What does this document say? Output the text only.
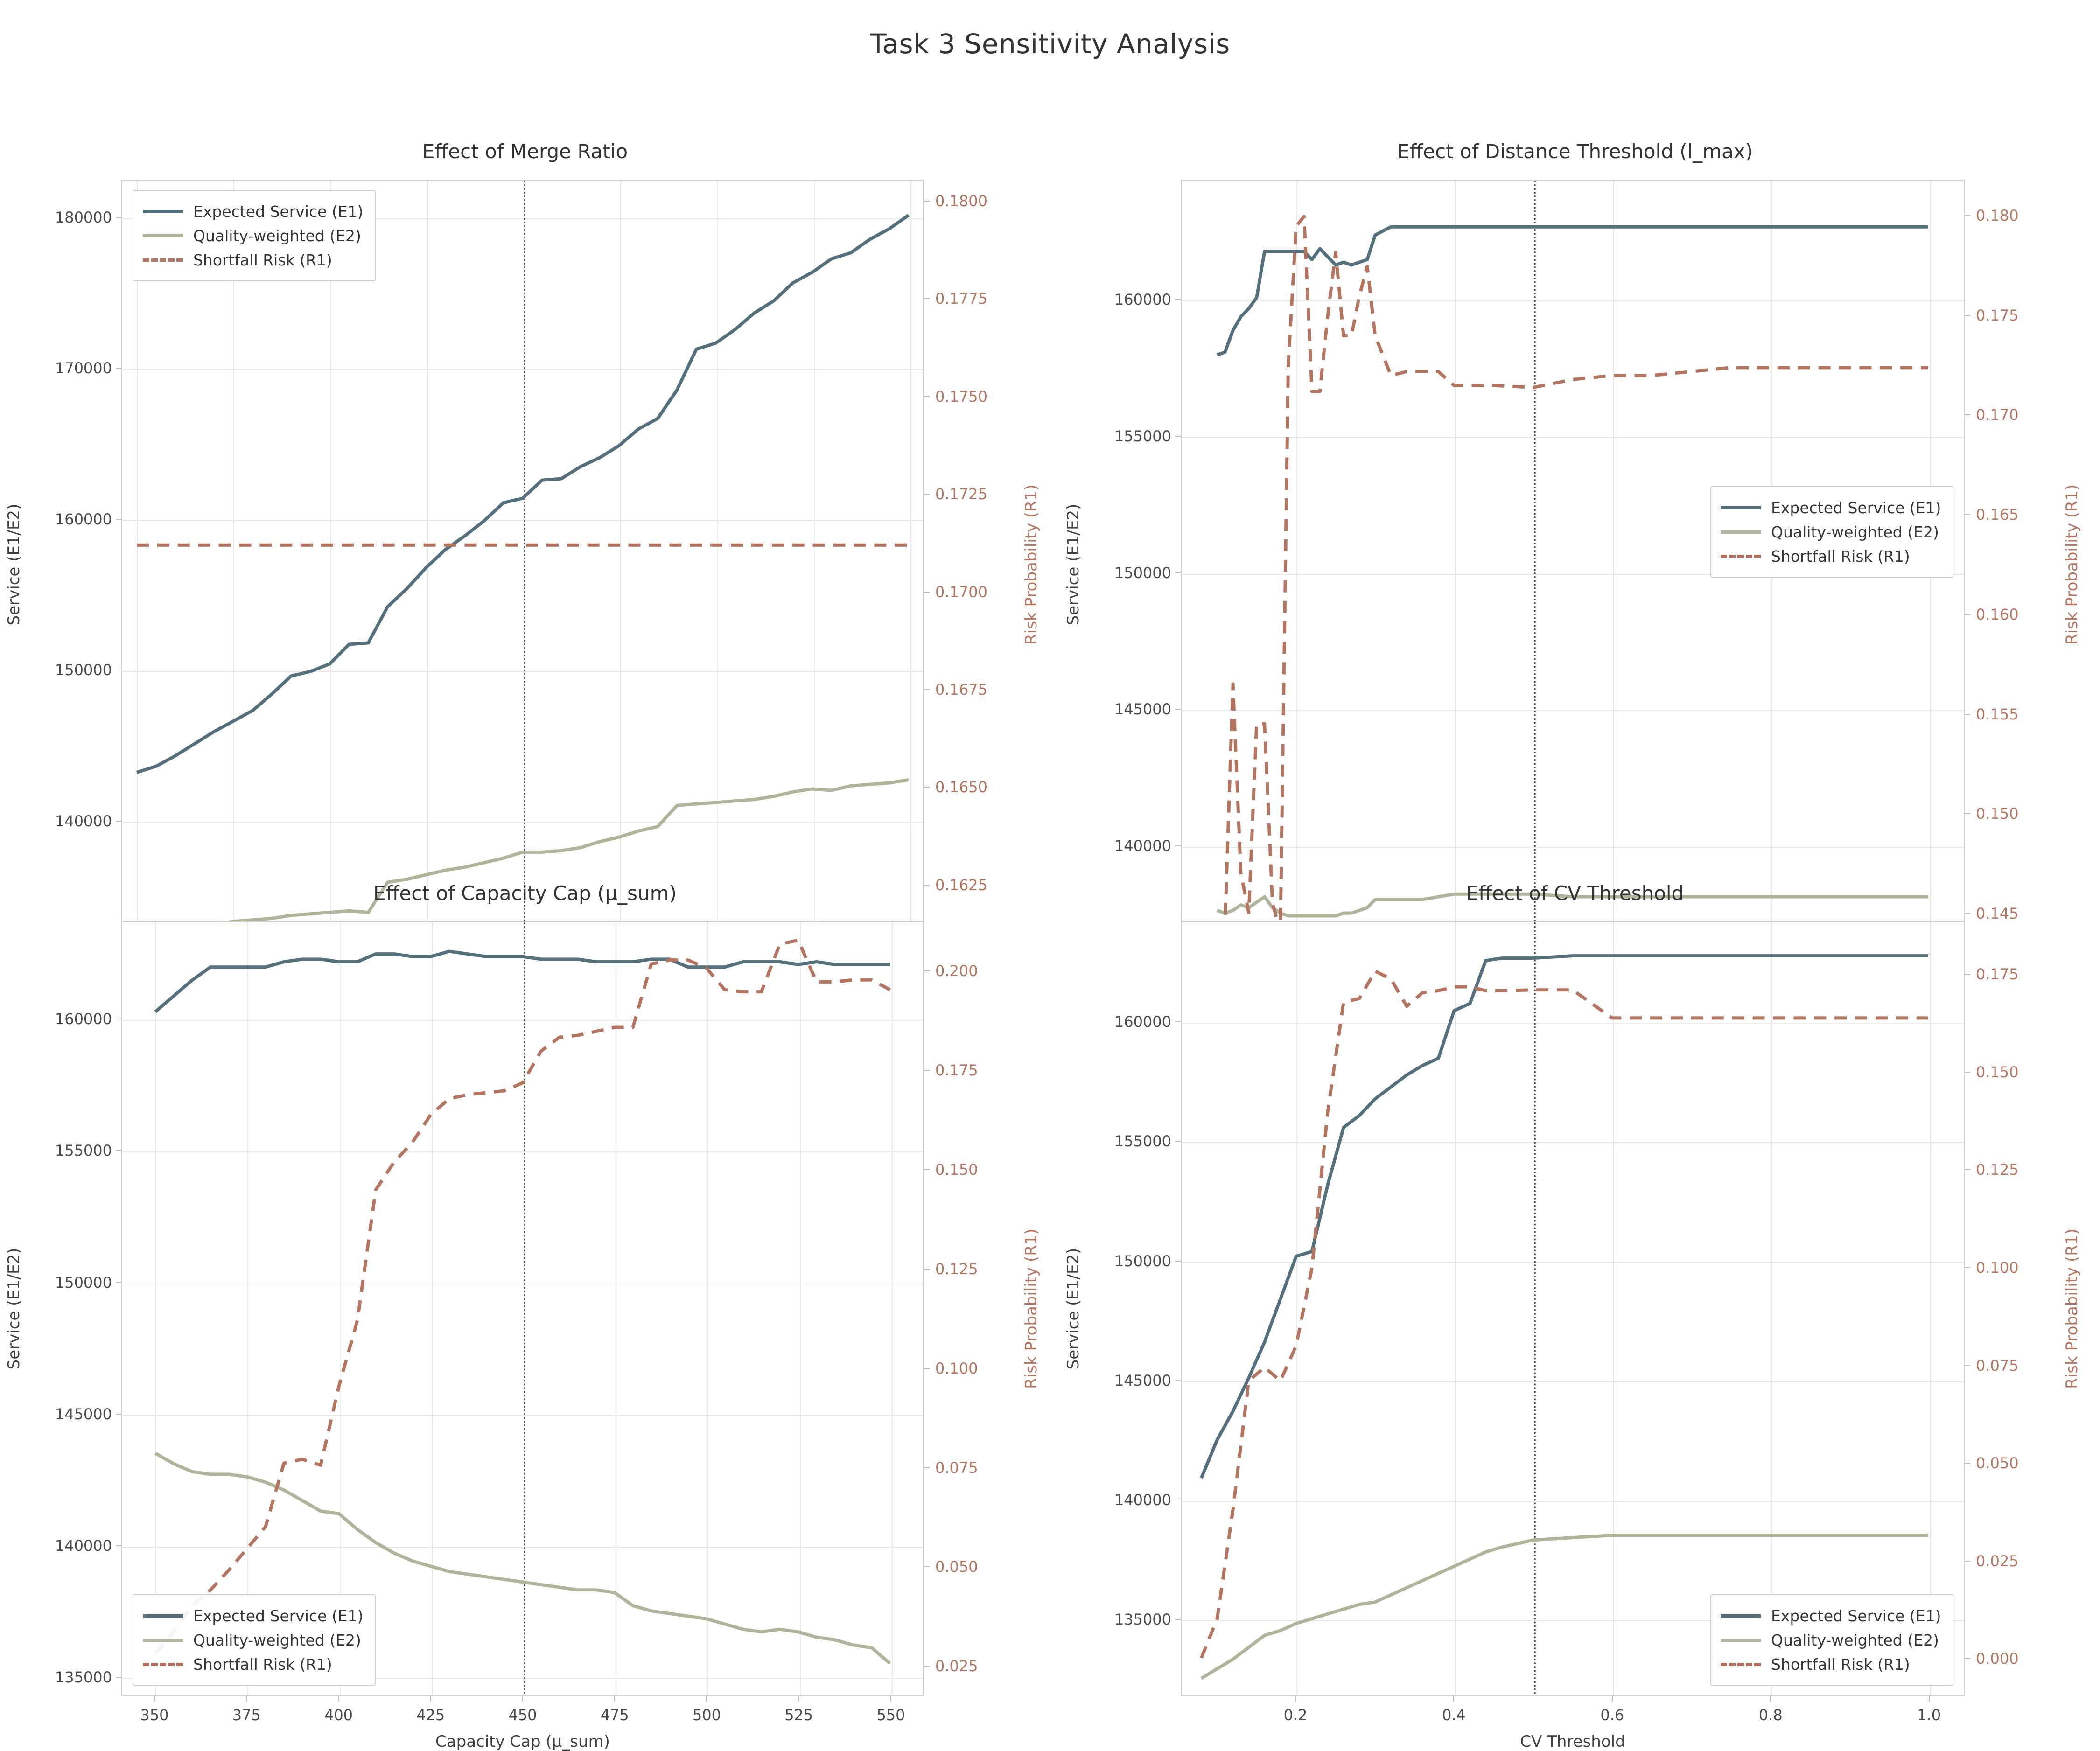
Task 3 Sensitivity Analysis
Effect of Merge Ratio
140000
150000
160000
170000
180000
0.1625
0.1650
0.1675
0.1700
0.1725
0.1750
0.1775
0.1800
Service (E1/E2)	Risk Probability (R1)
Expected Service (E1)
Quality-weighted (E2)
Shortfall Risk (R1)
Effect of Distance Threshold (l_max)
140000
145000
150000
155000
160000
0.145
0.150
0.155
0.160
0.165
0.170
0.175
0.180
Service (E1/E2)	Risk Probability (R1)
Expected Service (E1)
Quality-weighted (E2)
Shortfall Risk (R1)
Effect of Capacity Cap (μ_sum)
350	375	400	425	450	475	500	525	550
135000
140000
145000
150000
155000
160000
0.025
0.050
0.075
0.100
0.125
0.150
0.175
0.200
Capacity Cap (μ_sum)
Service (E1/E2)	Risk Probability (R1)
Expected Service (E1)
Quality-weighted (E2)
Shortfall Risk (R1)
Effect of CV Threshold
0.2	0.4	0.6	0.8	1.0
135000
140000
145000
150000
155000
160000
0.000
0.025
0.050
0.075
0.100
0.125
0.150
0.175
CV Threshold
Service (E1/E2)	Risk Probability (R1)
Expected Service (E1)
Quality-weighted (E2)
Shortfall Risk (R1)
